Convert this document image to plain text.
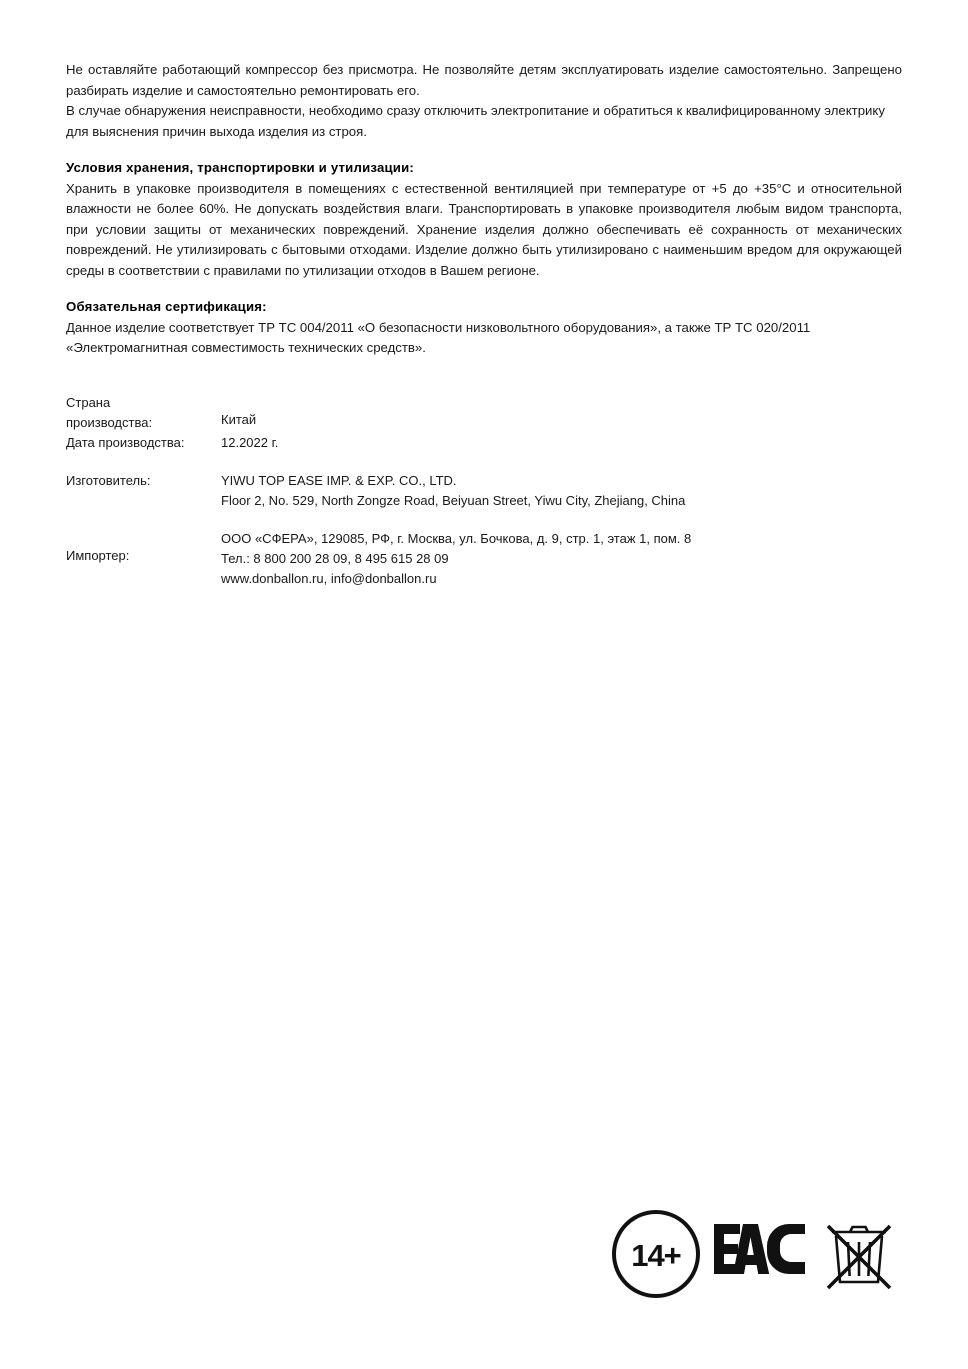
Не оставляйте работающий компрессор без присмотра. Не позволяйте детям эксплуатировать изделие самостоятельно. Запрещено разбирать изделие и самостоятельно ремонтировать его.

В случае обнаружения неисправности, необходимо сразу отключить электропитание и обратиться к квалифицированному электрику для выяснения причин выхода изделия из строя.

Условия хранения, транспортировки и утилизации:

Хранить в упаковке производителя в помещениях с естественной вентиляцией при температуре от +5 до +35°С и относительной влажности не более 60%. Не допускать воздействия влаги. Транспортировать в упаковке производителя любым видом транспорта, при условии защиты от механических повреждений. Хранение изделия должно обеспечивать её сохранность от механических повреждений. Не утилизировать с бытовыми отходами. Изделие должно быть утилизировано с наименьшим вредом для окружающей среды в соответствии с правилами по утилизации отходов в Вашем регионе.

Обязательная сертификация:

Данное изделие соответствует ТР ТС 004/2011 «О безопасности низковольтного оборудования», а также ТР ТС 020/2011 «Электромагнитная совместимость технических средств».

Страна
производства:	Китай

Дата производства:	12.2022 г.

Изготовитель:	YIWU TOP EASE IMP. & EXP. CO., LTD.
Floor 2, No. 529, North Zongze Road, Beiyuan Street, Yiwu City, Zhejiang, China

Импортер:	ООО «СФЕРА», 129085, РФ, г. Москва, ул. Бочкова, д. 9, стр. 1, этаж 1, пом. 8
Тел.: 8 800 200 28 09, 8 495 615 28 09
www.donballon.ru, info@donballon.ru
14+
